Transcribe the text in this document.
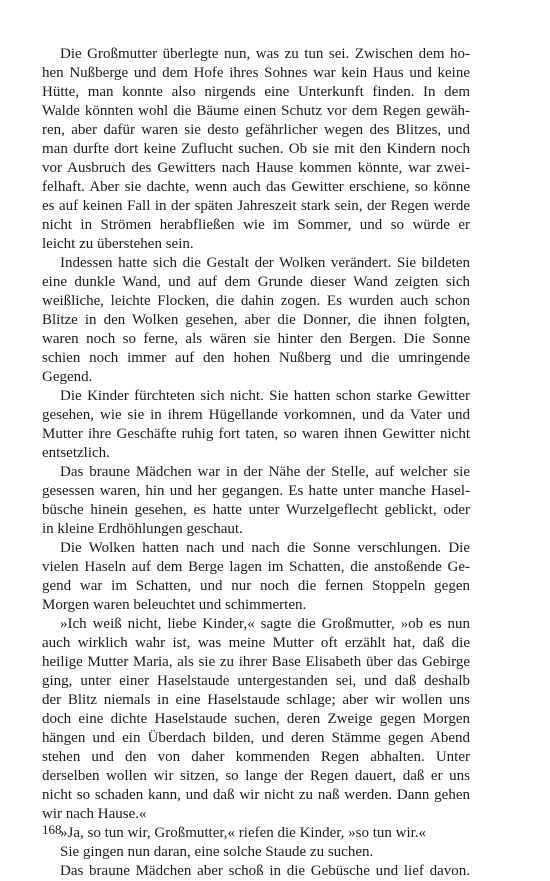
Die Großmutter überlegte nun, was zu tun sei. Zwischen dem ho-
hen Nußberge und dem Hofe ihres Sohnes war kein Haus und keine
Hütte, man konnte also nirgends eine Unterkunft finden. In dem
Walde könnten wohl die Bäume einen Schutz vor dem Regen gewäh-
ren, aber dafür waren sie desto gefährlicher wegen des Blitzes, und
man durfte dort keine Zuflucht suchen. Ob sie mit den Kindern noch
vor Ausbruch des Gewitters nach Hause kommen könnte, war zwei-
felhaft. Aber sie dachte, wenn auch das Gewitter erschiene, so könne
es auf keinen Fall in der späten Jahreszeit stark sein, der Regen werde
nicht in Strömen herabfließen wie im Sommer, und so würde er
leicht zu überstehen sein.
Indessen hatte sich die Gestalt der Wolken verändert. Sie bildeten
eine dunkle Wand, und auf dem Grunde dieser Wand zeigten sich
weißliche, leichte Flocken, die dahin zogen. Es wurden auch schon
Blitze in den Wolken gesehen, aber die Donner, die ihnen folgten,
waren noch so ferne, als wären sie hinter den Bergen. Die Sonne
schien noch immer auf den hohen Nußberg und die umringende
Gegend.
Die Kinder fürchteten sich nicht. Sie hatten schon starke Gewitter
gesehen, wie sie in ihrem Hügellande vorkomnen, und da Vater und
Mutter ihre Geschäfte ruhig fort taten, so waren ihnen Gewitter nicht
entsetzlich.
Das braune Mädchen war in der Nähe der Stelle, auf welcher sie
gesessen waren, hin und her gegangen. Es hatte unter manche Hasel-
büsche hinein gesehen, es hatte unter Wurzelgeflecht geblickt, oder
in kleine Erdhöhlungen geschaut.
Die Wolken hatten nach und nach die Sonne verschlungen. Die
vielen Haseln auf dem Berge lagen im Schatten, die anstoßende Ge-
gend war im Schatten, und nur noch die fernen Stoppeln gegen
Morgen waren beleuchtet und schimmerten.
»Ich weiß nicht, liebe Kinder,« sagte die Großmutter, »ob es nun
auch wirklich wahr ist, was meine Mutter oft erzählt hat, daß die
heilige Mutter Maria, als sie zu ihrer Base Elisabeth über das Gebirge
ging, unter einer Haselstaude untergestanden sei, und daß deshalb
der Blitz niemals in eine Haselstaude schlage; aber wir wollen uns
doch eine dichte Haselstaude suchen, deren Zweige gegen Morgen
hängen und ein Überdach bilden, und deren Stämme gegen Abend
stehen und den von daher kommenden Regen abhalten. Unter
derselben wollen wir sitzen, so lange der Regen dauert, daß er uns
nicht so schaden kann, und daß wir nicht zu naß werden. Dann gehen
wir nach Hause.«
»Ja, so tun wir, Großmutter,« riefen die Kinder, »so tun wir.«
Sie gingen nun daran, eine solche Staude zu suchen.
Das braune Mädchen aber schoß in die Gebüsche und lief davon.
168
